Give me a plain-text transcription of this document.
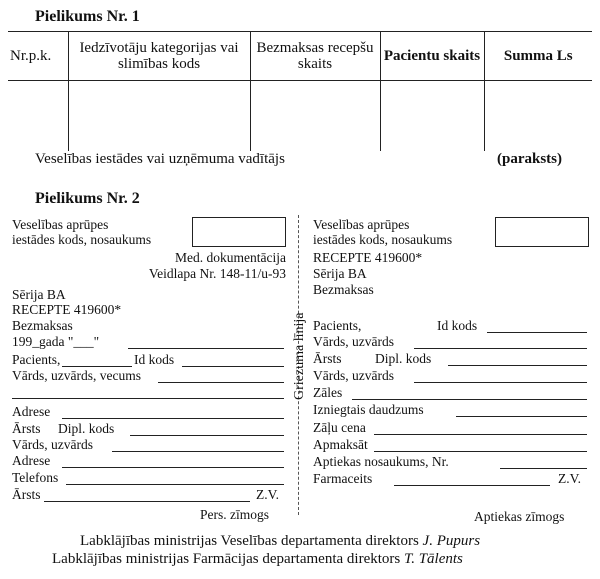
Pielikums Nr. 1
Nr.p.k.	Iedzīvotāju kategorijas vai slimības kods	Bezmaksas recepšu skaits	Pacientu skaits	Summa Ls

Veselības iestādes vai uzņēmuma vadītājs	(paraksts)
Pielikums Nr. 2
Veselības aprūpes
iestādes kods, nosaukums
Med. dokumentācija
Veidlapa Nr. 148-11/u-93
Sērija BA
RECEPTE 419600*
Bezmaksas
199_gada "___"
Pacients,	Id kods
Vārds, uzvārds, vecums
Adrese
Ārsts Dipl. kods
Vārds, uzvārds
Adrese
Telefons
Ārsts	Z.V.
Pers. zīmogs
Griezuma līnija
Veselības aprūpes
iestādes kods, nosaukums
RECEPTE 419600*
Sērija BA
Bezmaksas
Pacients,	Id kods
Vārds, uzvārds
Ārsts Dipl. kods
Vārds, uzvārds
Zāles
Izniegtais daudzums
Zāļu cena
Apmaksāt
Aptiekas nosaukums, Nr.
Farmaceits	Z.V.
Aptiekas zīmogs
Labklājības ministrijas Veselības departamenta direktors J. Pupurs
Labklājības ministrijas Farmācijas departamenta direktors T. Tālents
